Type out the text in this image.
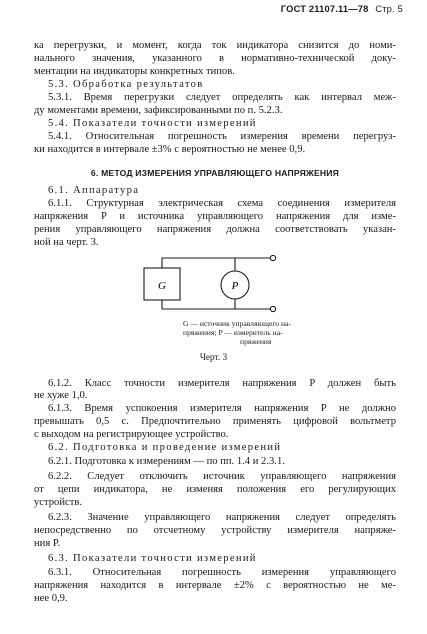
ГОСТ 21107.11—78 Стр. 5
ка перегрузки, и момент, когда ток индикатора снизится до номи-
нального значения, указанного в нормативно-технической доку-
ментации на индикаторы конкретных типов.
5.3. Обработка результатов
5.3.1. Время перегрузки следует определять как интервал меж-
ду моментами времени, зафиксированными по п. 5.2.3.
5.4. Показатели точности измерений
5.4.1. Относительная погрешность измерения времени перегруз-
ки находится в интервале ±3% с вероятностью не менее 0,9.
6. МЕТОД ИЗМЕРЕНИЯ УПРАВЛЯЮЩЕГО НАПРЯЖЕНИЯ
6.1. Аппаратура
6.1.1. Структурная электрическая схема соединения измерителя
напряжения P и источника управляющего напряжения для изме-
рения управляющего напряжения должна соответствовать указан-
ной на черт. 3.
G	P
G — источник управляющего на-
пряжения; P — измеритель на-
пряжения
Черт. 3
6.1.2. Класс точности измерителя напряжения P должен быть
не хуже 1,0.
6.1.3. Время успокоения измерителя напряжения P не должно
превышать 0,5 с. Предпочтительно применять цифровой вольтметр
с выходом на регистрирующее устройство.
6.2. Подготовка и проведение измерений
6.2.1. Подготовка к измерениям — по пп. 1.4 и 2.3.1.
6.2.2. Следует отключить источник управляющего напряжения
от цепи индикатора, не изменяя положения его регулирующих
устройств.
6.2.3. Значение управляющего напряжения следует определять
непосредственно по отсчетному устройству измерителя напряже-
ния P.
6.3. Показатели точности измерений
6.3.1. Относительная погрешность измерения управляющего
напряжения находится в интервале ±2% с вероятностью не ме-
нее 0,9.
